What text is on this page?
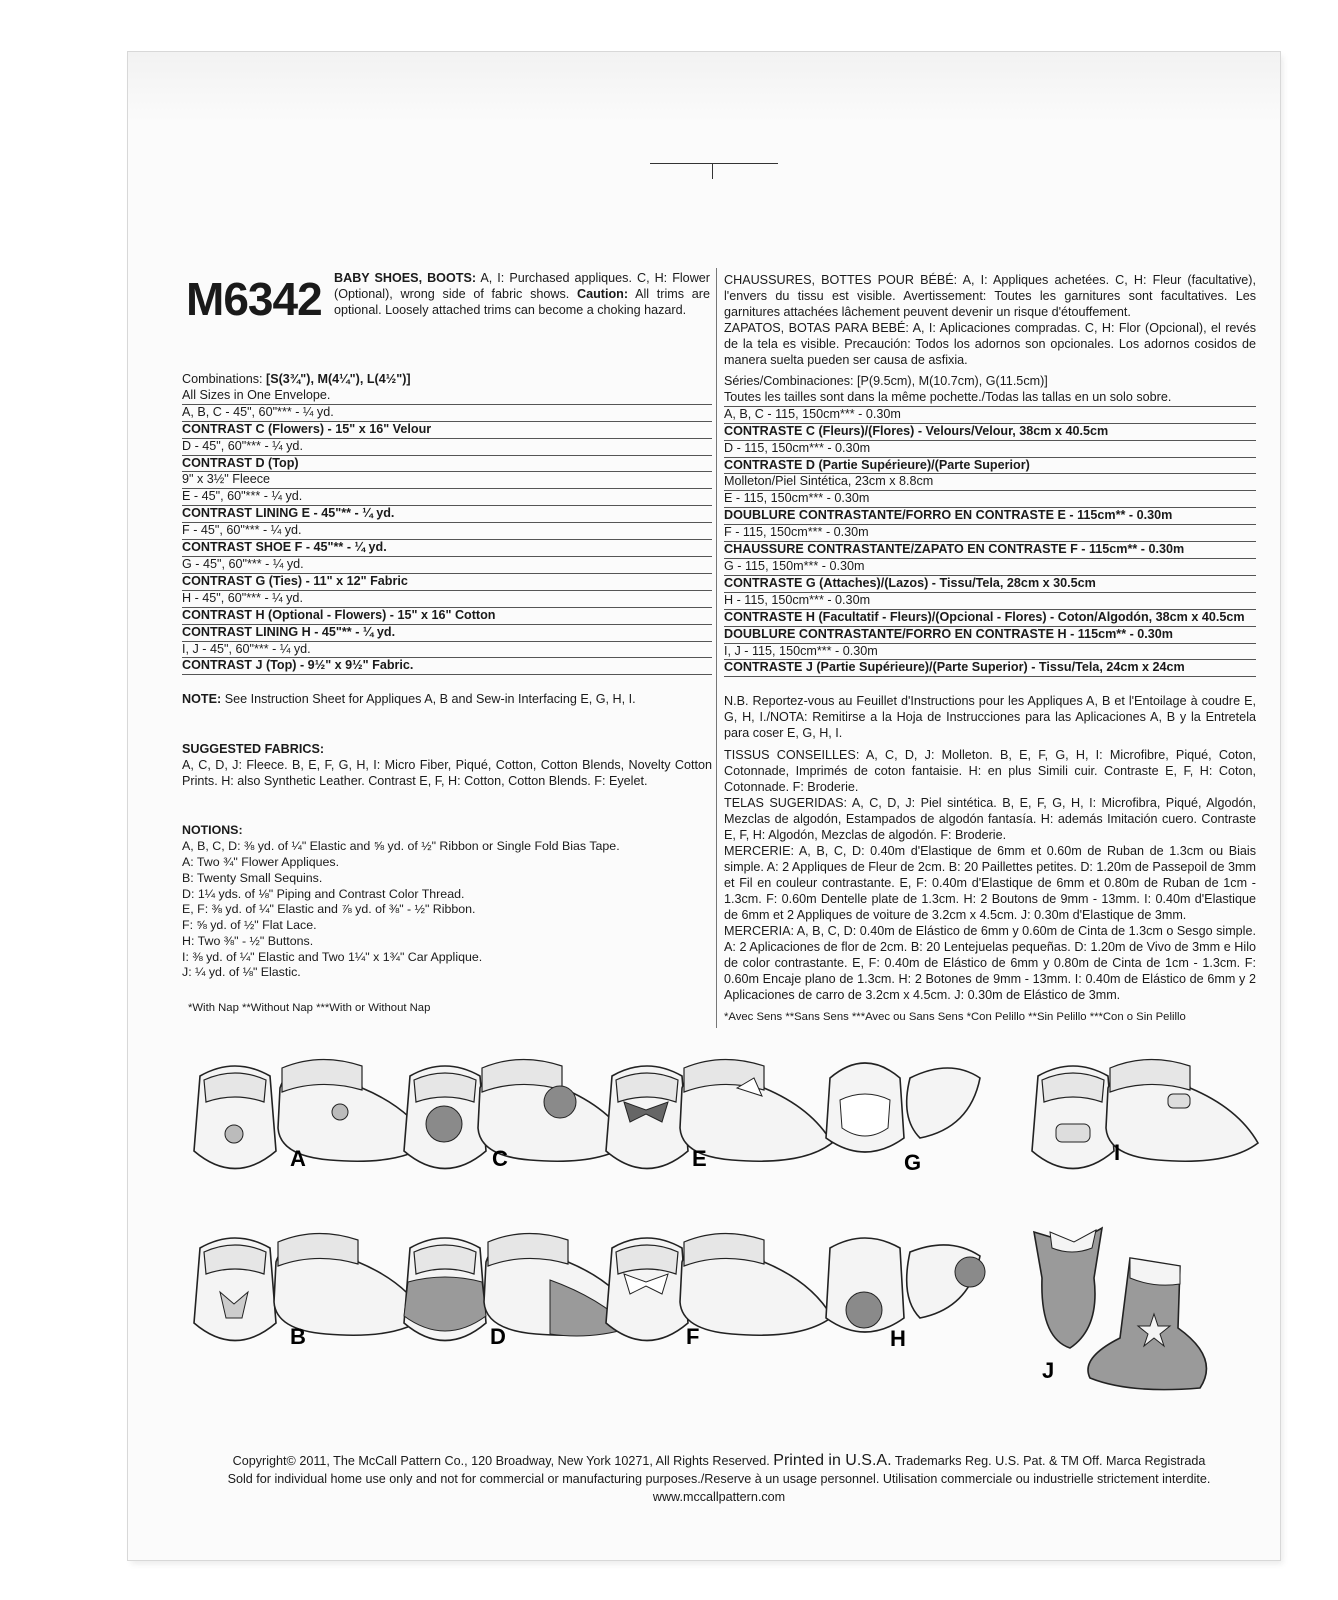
M6342 BABY SHOES, BOOTS: A, I: Purchased appliques. C, H: Flower (Optional), wrong side of fabric shows. Caution: All trims are optional. Loosely attached trims can become a choking hazard.
Combinations: [S(3¾"), M(4¼"), L(4½")]
All Sizes in One Envelope.
A, B, C - 45", 60"*** - ¼ yd.
CONTRAST C (Flowers) - 15" x 16" Velour
D - 45", 60"*** - ¼ yd.
CONTRAST D (Top)
9" x 3½" Fleece
E - 45", 60"*** - ¼ yd.
CONTRAST LINING E - 45"** - ¼ yd.
F - 45", 60"*** - ¼ yd.
CONTRAST SHOE F - 45"** - ¼ yd.
G - 45", 60"*** - ¼ yd.
CONTRAST G (Ties) - 11" x 12" Fabric
H - 45", 60"*** - ¼ yd.
CONTRAST H (Optional - Flowers) - 15" x 16" Cotton
CONTRAST LINING H - 45"** - ¼ yd.
I, J - 45", 60"*** - ¼ yd.
CONTRAST J (Top) - 9½" x 9½" Fabric.

NOTE: See Instruction Sheet for Appliques A, B and Sew-in Interfacing E, G, H, I.

SUGGESTED FABRICS:

A, C, D, J: Fleece. B, E, F, G, H, I: Micro Fiber, Piqué, Cotton, Cotton Blends, Novelty Cotton Prints. H: also Synthetic Leather. Contrast E, F, H: Cotton, Cotton Blends. F: Eyelet.

NOTIONS:
A, B, C, D: ⅜ yd. of ¼" Elastic and ⅝ yd. of ½" Ribbon or Single Fold Bias Tape.
A: Two ¾" Flower Appliques.
B: Twenty Small Sequins.
D: 1¼ yds. of ⅛" Piping and Contrast Color Thread.
E, F: ⅜ yd. of ¼" Elastic and ⅞ yd. of ⅜" - ½" Ribbon.
F: ⅝ yd. of ½" Flat Lace.
H: Two ⅜" - ½" Buttons.
I: ⅜ yd. of ¼" Elastic and Two 1¼" x 1¾" Car Applique.
J: ¼ yd. of ⅛" Elastic.
*With Nap **Without Nap ***With or Without Nap

CHAUSSURES, BOTTES POUR BÉBÉ: A, I: Appliques achetées. C, H: Fleur (facultative), l'envers du tissu est visible. Avertissement: Toutes les garnitures sont facultatives. Les garnitures attachées lâchement peuvent devenir un risque d'étouffement.

ZAPATOS, BOTAS PARA BEBÉ: A, I: Aplicaciones compradas. C, H: Flor (Opcional), el revés de la tela es visible. Precaución: Todos los adornos son opcionales. Los adornos cosidos de manera suelta pueden ser causa de asfixia.

Séries/Combinaciones: [P(9.5cm), M(10.7cm), G(11.5cm)]
Toutes les tailles sont dans la même pochette./Todas las tallas en un solo sobre.
A, B, C - 115, 150cm*** - 0.30m
CONTRASTE C (Fleurs)/(Flores) - Velours/Velour, 38cm x 40.5cm
D - 115, 150cm*** - 0.30m
CONTRASTE D (Partie Supérieure)/(Parte Superior)
Molleton/Piel Sintética, 23cm x 8.8cm
E - 115, 150cm*** - 0.30m
DOUBLURE CONTRASTANTE/FORRO EN CONTRASTE E - 115cm** - 0.30m
F - 115, 150cm*** - 0.30m
CHAUSSURE CONTRASTANTE/ZAPATO EN CONTRASTE F - 115cm** - 0.30m
G - 115, 150m*** - 0.30m
CONTRASTE G (Attaches)/(Lazos) - Tissu/Tela, 28cm x 30.5cm
H - 115, 150cm*** - 0.30m
CONTRASTE H (Facultatif - Fleurs)/(Opcional - Flores) - Coton/Algodón, 38cm x 40.5cm
DOUBLURE CONTRASTANTE/FORRO EN CONTRASTE H - 115cm** - 0.30m
I, J - 115, 150cm*** - 0.30m
CONTRASTE J (Partie Supérieure)/(Parte Superior) - Tissu/Tela, 24cm x 24cm

N.B. Reportez-vous au Feuillet d'Instructions pour les Appliques A, B et l'Entoilage à coudre E, G, H, I./NOTA: Remitirse a la Hoja de Instrucciones para las Aplicaciones A, B y la Entretela para coser E, G, H, I.

TISSUS CONSEILLES: A, C, D, J: Molleton. B, E, F, G, H, I: Microfibre, Piqué, Coton, Cotonnade, Imprimés de coton fantaisie. H: en plus Simili cuir. Contraste E, F, H: Coton, Cotonnade. F: Broderie.

TELAS SUGERIDAS: A, C, D, J: Piel sintética. B, E, F, G, H, I: Microfibra, Piqué, Algodón, Mezclas de algodón, Estampados de algodón fantasía. H: además Imitación cuero. Contraste E, F, H: Algodón, Mezclas de algodón. F: Broderie.

MERCERIE: A, B, C, D: 0.40m d'Elastique de 6mm et 0.60m de Ruban de 1.3cm ou Biais simple. A: 2 Appliques de Fleur de 2cm. B: 20 Paillettes petites. D: 1.20m de Passepoil de 3mm et Fil en couleur contrastante. E, F: 0.40m d'Elastique de 6mm et 0.80m de Ruban de 1cm - 1.3cm. F: 0.60m Dentelle plate de 1.3cm. H: 2 Boutons de 9mm - 13mm. I: 0.40m d'Elastique de 6mm et 2 Appliques de voiture de 3.2cm x 4.5cm. J: 0.30m d'Elastique de 3mm.

MERCERIA: A, B, C, D: 0.40m de Elástico de 6mm y 0.60m de Cinta de 1.3cm o Sesgo simple. A: 2 Aplicaciones de flor de 2cm. B: 20 Lentejuelas pequeñas. D: 1.20m de Vivo de 3mm e Hilo de color contrastante. E, F: 0.40m de Elástico de 6mm y 0.80m de Cinta de 1cm - 1.3cm. F: 0.60m Encaje plano de 1.3cm. H: 2 Botones de 9mm - 13mm. I: 0.40m de Elástico de 6mm y 2 Aplicaciones de carro de 3.2cm x 4.5cm. J: 0.30m de Elástico de 3mm.

*Avec Sens **Sans Sens ***Avec ou Sans Sens *Con Pelillo **Sin Pelillo ***Con o Sin Pelillo
A	C	E	G	I
B	D	F	H
J
Copyright© 2011, The McCall Pattern Co., 120 Broadway, New York 10271, All Rights Reserved. Printed in U.S.A. Trademarks Reg. U.S. Pat. & TM Off. Marca Registrada
Sold for individual home use only and not for commercial or manufacturing purposes./Reserve à un usage personnel. Utilisation commerciale ou industrielle strictement interdite.
www.mccallpattern.com
